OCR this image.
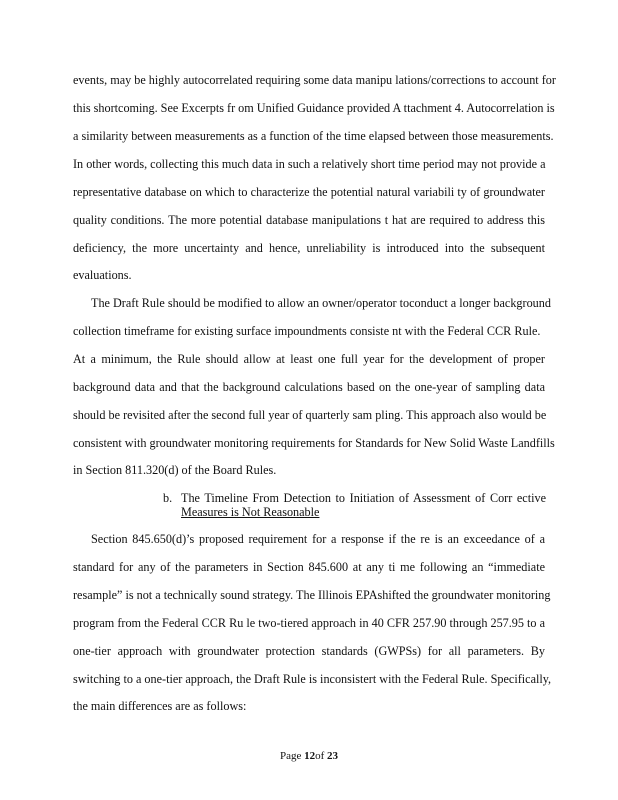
events, may be highly autocorrelated requiring some data manipu lations/corrections to account for
this shortcoming. See Excerpts fr om Unified Guidance provided A ttachment 4. Autocorrelation is
a similarity between measurements as a function of the time elapsed between those measurements.
In other words, collecting this much data in such a relatively short time period may not provide a
representative database on which to characterize the potential natural variabili ty of groundwater
quality conditions. The more potential database manipulations t hat are required to address this
deficiency, the more uncertainty and hence, unreliability is introduced into the subsequent
evaluations.
The Draft Rule should be modified to allow an owner/operator toconduct a longer background
collection timeframe for existing surface impoundments consiste nt with the Federal CCR Rule.
At a minimum, the Rule should allow at least one full year for the development of proper
background data and that the background calculations based on the one-year of sampling data
should be revisited after the second full year of quarterly sam pling. This approach also would be
consistent with groundwater monitoring requirements for Standards for New Solid Waste Landfills
in Section 811.320(d) of the Board Rules.
b. The Timeline From Detection to Initiation of Assessment of Corr ective
Measures is Not Reasonable
Section 845.650(d)’s proposed requirement for a response if the re is an exceedance of a
standard for any of the parameters in Section 845.600 at any ti me following an “immediate
resample” is not a technically sound strategy. The Illinois EPAshifted the groundwater monitoring
program from the Federal CCR Ru le two-tiered approach in 40 CFR 257.90 through 257.95 to a
one-tier approach with groundwater protection standards (GWPSs) for all parameters. By
switching to a one-tier approach, the Draft Rule is inconsistert with the Federal Rule. Specifically,
the main differences are as follows:
Page 12of 23
